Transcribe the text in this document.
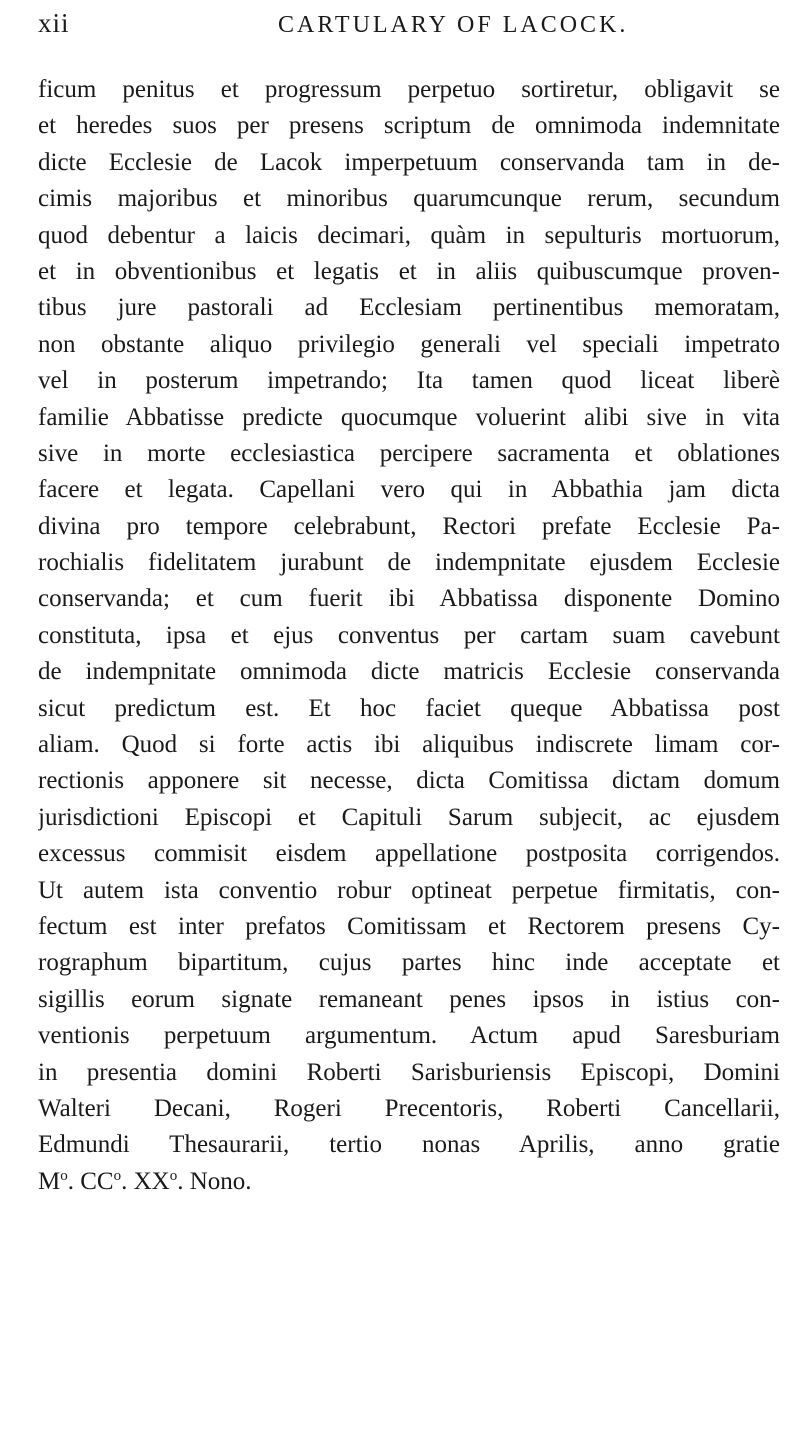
xii	CARTULARY OF LACOCK.
ficum penitus et progressum perpetuo sortiretur, obligavit se
et heredes suos per presens scriptum de omnimoda indemnitate
dicte Ecclesie de Lacok imperpetuum conservanda tam in de-
cimis majoribus et minoribus quarumcunque rerum, secundum
quod debentur a laicis decimari, quàm in sepulturis mortuorum,
et in obventionibus et legatis et in aliis quibuscumque proven-
tibus jure pastorali ad Ecclesiam pertinentibus memoratam,
non obstante aliquo privilegio generali vel speciali impetrato
vel in posterum impetrando; Ita tamen quod liceat liberè
familie Abbatisse predicte quocumque voluerint alibi sive in vita
sive in morte ecclesiastica percipere sacramenta et oblationes
facere et legata. Capellani vero qui in Abbathia jam dicta
divina pro tempore celebrabunt, Rectori prefate Ecclesie Pa-
rochialis fidelitatem jurabunt de indempnitate ejusdem Ecclesie
conservanda; et cum fuerit ibi Abbatissa disponente Domino
constituta, ipsa et ejus conventus per cartam suam cavebunt
de indempnitate omnimoda dicte matricis Ecclesie conservanda
sicut predictum est. Et hoc faciet queque Abbatissa post
aliam. Quod si forte actis ibi aliquibus indiscrete limam cor-
rectionis apponere sit necesse, dicta Comitissa dictam domum
jurisdictioni Episcopi et Capituli Sarum subjecit, ac ejusdem
excessus commisit eisdem appellatione postposita corrigendos.
Ut autem ista conventio robur optineat perpetue firmitatis, con-
fectum est inter prefatos Comitissam et Rectorem presens Cy-
rographum bipartitum, cujus partes hinc inde acceptate et
sigillis eorum signate remaneant penes ipsos in istius con-
ventionis perpetuum argumentum. Actum apud Saresburiam
in presentia domini Roberti Sarisburiensis Episcopi, Domini
Walteri Decani, Rogeri Precentoris, Roberti Cancellarii,
Edmundi Thesaurarii, tertio nonas Aprilis, anno gratie
$M^o$. $CC^o$. $XX^o$. Nono.
